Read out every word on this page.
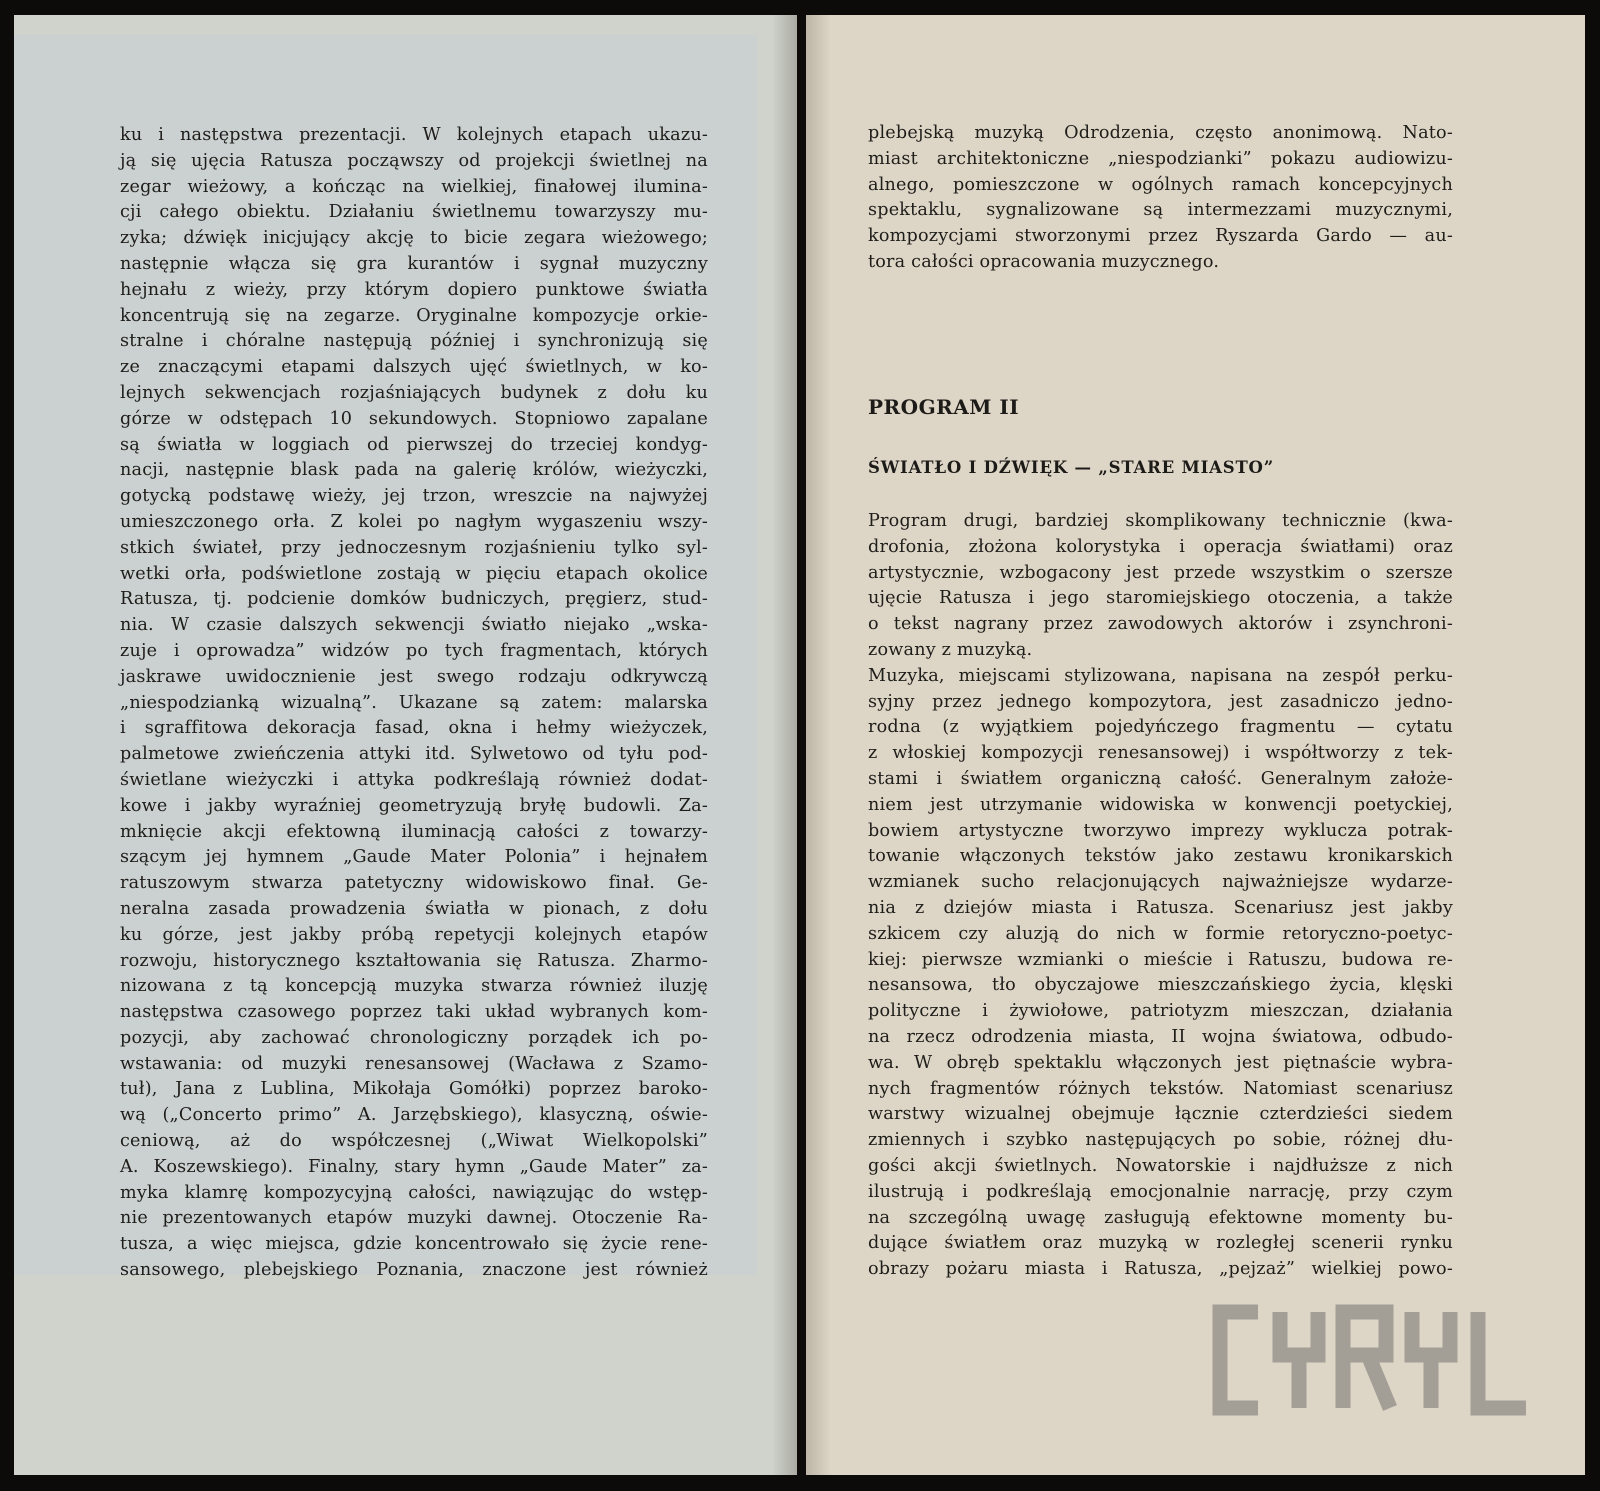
ku i następstwa prezentacji. W kolejnych etapach ukazu-
ją się ujęcia Ratusza począwszy od projekcji świetlnej na
zegar wieżowy, a kończąc na wielkiej, finałowej ilumina-
cji całego obiektu. Działaniu świetlnemu towarzyszy mu-
zyka; dźwięk inicjujący akcję to bicie zegara wieżowego;
następnie włącza się gra kurantów i sygnał muzyczny
hejnału z wieży, przy którym dopiero punktowe światła
koncentrują się na zegarze. Oryginalne kompozycje orkie-
stralne i chóralne następują później i synchronizują się
ze znaczącymi etapami dalszych ujęć świetlnych, w ko-
lejnych sekwencjach rozjaśniających budynek z dołu ku
górze w odstępach 10 sekundowych. Stopniowo zapalane
są światła w loggiach od pierwszej do trzeciej kondyg-
nacji, następnie blask pada na galerię królów, wieżyczki,
gotycką podstawę wieży, jej trzon, wreszcie na najwyżej
umieszczonego orła. Z kolei po nagłym wygaszeniu wszy-
stkich świateł, przy jednoczesnym rozjaśnieniu tylko syl-
wetki orła, podświetlone zostają w pięciu etapach okolice
Ratusza, tj. podcienie domków budniczych, pręgierz, stud-
nia. W czasie dalszych sekwencji światło niejako „wska-
zuje i oprowadza” widzów po tych fragmentach, których
jaskrawe uwidocznienie jest swego rodzaju odkrywczą
„niespodzianką wizualną”. Ukazane są zatem: malarska
i sgraffitowa dekoracja fasad, okna i hełmy wieżyczek,
palmetowe zwieńczenia attyki itd. Sylwetowo od tyłu pod-
świetlane wieżyczki i attyka podkreślają również dodat-
kowe i jakby wyraźniej geometryzują bryłę budowli. Za-
mknięcie akcji efektowną iluminacją całości z towarzy-
szącym jej hymnem „Gaude Mater Polonia” i hejnałem
ratuszowym stwarza patetyczny widowiskowo finał. Ge-
neralna zasada prowadzenia światła w pionach, z dołu
ku górze, jest jakby próbą repetycji kolejnych etapów
rozwoju, historycznego kształtowania się Ratusza. Zharmo-
nizowana z tą koncepcją muzyka stwarza również iluzję
następstwa czasowego poprzez taki układ wybranych kom-
pozycji, aby zachować chronologiczny porządek ich po-
wstawania: od muzyki renesansowej (Wacława z Szamo-
tuł), Jana z Lublina, Mikołaja Gomółki) poprzez baroko-
wą („Concerto primo” A. Jarzębskiego), klasyczną, oświe-
ceniową, aż do współczesnej („Wiwat Wielkopolski”
A. Koszewskiego). Finalny, stary hymn „Gaude Mater” za-
myka klamrę kompozycyjną całości, nawiązując do wstęp-
nie prezentowanych etapów muzyki dawnej. Otoczenie Ra-
tusza, a więc miejsca, gdzie koncentrowało się życie rene-
sansowego, plebejskiego Poznania, znaczone jest również
plebejską muzyką Odrodzenia, często anonimową. Nato-
miast architektoniczne „niespodzianki” pokazu audiowizu-
alnego, pomieszczone w ogólnych ramach koncepcyjnych
spektaklu, sygnalizowane są intermezzami muzycznymi,
kompozycjami stworzonymi przez Ryszarda Gardo — au-
tora całości opracowania muzycznego.
PROGRAM II
ŚWIATŁO I DŹWIĘK — „STARE MIASTO”
Program drugi, bardziej skomplikowany technicznie (kwa-
drofonia, złożona kolorystyka i operacja światłami) oraz
artystycznie, wzbogacony jest przede wszystkim o szersze
ujęcie Ratusza i jego staromiejskiego otoczenia, a także
o tekst nagrany przez zawodowych aktorów i zsynchroni-
zowany z muzyką.
Muzyka, miejscami stylizowana, napisana na zespół perku-
syjny przez jednego kompozytora, jest zasadniczo jedno-
rodna (z wyjątkiem pojedyńczego fragmentu — cytatu
z włoskiej kompozycji renesansowej) i współtworzy z tek-
stami i światłem organiczną całość. Generalnym założe-
niem jest utrzymanie widowiska w konwencji poetyckiej,
bowiem artystyczne tworzywo imprezy wyklucza potrak-
towanie włączonych tekstów jako zestawu kronikarskich
wzmianek sucho relacjonujących najważniejsze wydarze-
nia z dziejów miasta i Ratusza. Scenariusz jest jakby
szkicem czy aluzją do nich w formie retoryczno-poetyc-
kiej: pierwsze wzmianki o mieście i Ratuszu, budowa re-
nesansowa, tło obyczajowe mieszczańskiego życia, klęski
polityczne i żywiołowe, patriotyzm mieszczan, działania
na rzecz odrodzenia miasta, II wojna światowa, odbudo-
wa. W obręb spektaklu włączonych jest piętnaście wybra-
nych fragmentów różnych tekstów. Natomiast scenariusz
warstwy wizualnej obejmuje łącznie czterdzieści siedem
zmiennych i szybko następujących po sobie, różnej dłu-
gości akcji świetlnych. Nowatorskie i najdłuższe z nich
ilustrują i podkreślają emocjonalnie narrację, przy czym
na szczególną uwagę zasługują efektowne momenty bu-
dujące światłem oraz muzyką w rozległej scenerii rynku
obrazy pożaru miasta i Ratusza, „pejzaż” wielkiej powo-
